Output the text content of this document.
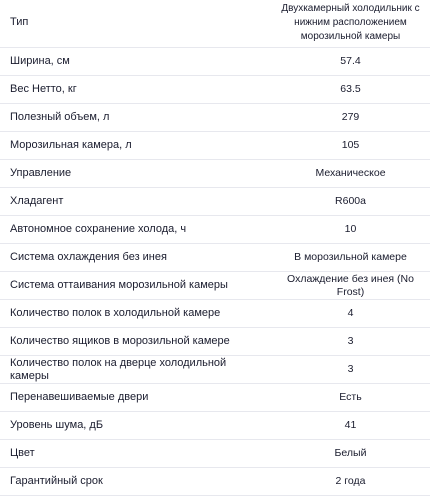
Тип	Двухкамерный холодильник с нижним расположением морозильной камеры
Ширина, см	57.4
Вес Нетто, кг	63.5
Полезный объем, л	279
Морозильная камера, л	105
Управление	Механическое
Хладагент	R600a
Автономное сохранение холода, ч	10
Система охлаждения без инея	В морозильной камере
Система оттаивания морозильной камеры	Охлаждение без инея (No Frost)
Количество полок в холодильной камере	4
Количество ящиков в морозильной камере	3
Количество полок на дверце холодильной камеры	3
Перенавешиваемые двери	Есть
Уровень шума, дБ	41
Цвет	Белый
Гарантийный срок	2 года
